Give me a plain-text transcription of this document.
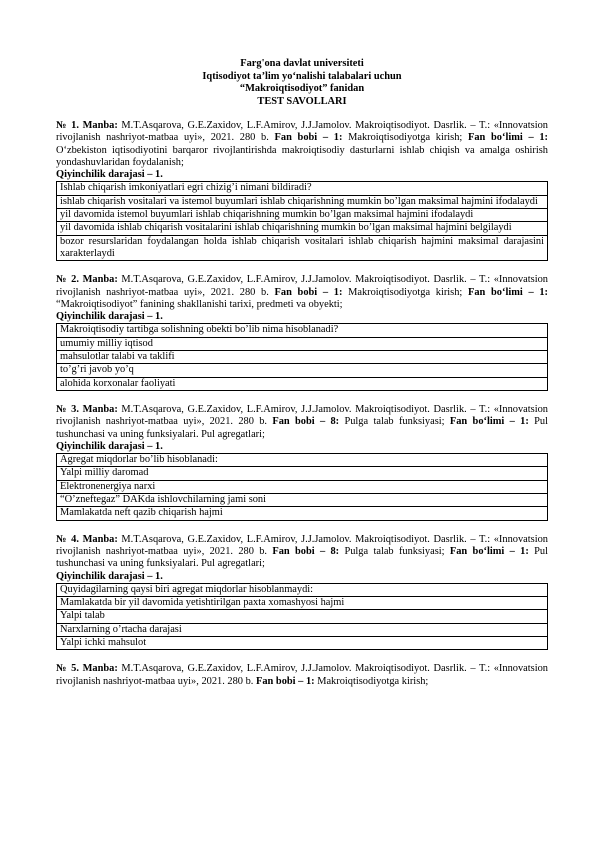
Farg'ona davlat universiteti
Iqtisodiyot ta’lim yo‘nalishi talabalari uchun
“Makroiqtisodiyot” fanidan
TEST SAVOLLARI
№ 1. Manba: M.T.Asqarova, G.E.Zaxidov, L.F.Amirov, J.J.Jamolov. Makroiqtisodiyot. Dasrlik. – T.: «Innovatsion rivojlanish nashriyot-matbaa uyi», 2021. 280 b. Fan bobi – 1: Makroiqtisodiyotga kirish; Fan bo‘limi – 1: O‘zbekiston iqtisodiyotini barqaror rivojlantirishda makroiqtisodiy dasturlarni ishlab chiqish va amalga oshirish yondashuvlaridan foydalanish;
Qiyinchilik darajasi – 1.
Ishlab chiqarish imkoniyatlari egri chizig’i nimani bildiradi?
ishlab chiqarish vositalari va istemol buyumlari ishlab chiqarishning mumkin bo’lgan maksimal hajmini ifodalaydi
yil davomida istemol buyumlari ishlab chiqarishning mumkin bo’lgan maksimal hajmini ifodalaydi
yil davomida ishlab chiqarish vositalarini ishlab chiqarishning mumkin bo’lgan maksimal hajmini belgilaydi
bozor resurslaridan foydalangan holda ishlab chiqarish vositalari ishlab chiqarish hajmini maksimal darajasini xarakterlaydi
№ 2. Manba: M.T.Asqarova, G.E.Zaxidov, L.F.Amirov, J.J.Jamolov. Makroiqtisodiyot. Dasrlik. – T.: «Innovatsion rivojlanish nashriyot-matbaa uyi», 2021. 280 b. Fan bobi – 1: Makroiqtisodiyotga kirish; Fan bo‘limi – 1: “Makroiqtisodiyot” fanining shakllanishi tarixi, predmeti va obyekti;
Qiyinchilik darajasi – 1.
Makroiqtisodiy tartibga solishning obekti bo’lib nima hisoblanadi?
umumiy milliy iqtisod
mahsulotlar talabi va taklifi
to’g’ri javob yo’q
alohida korxonalar faoliyati
№ 3. Manba: M.T.Asqarova, G.E.Zaxidov, L.F.Amirov, J.J.Jamolov. Makroiqtisodiyot. Dasrlik. – T.: «Innovatsion rivojlanish nashriyot-matbaa uyi», 2021. 280 b. Fan bobi – 8: Pulga talab funksiyasi; Fan bo‘limi – 1: Pul tushunchasi va uning funksiyalari. Pul agregatlari;
Qiyinchilik darajasi – 1.
Agregat miqdorlar bo’lib hisoblanadi:
Yalpi milliy daromad
Elektronenergiya narxi
“O’zneftegaz” DAKda ishlovchilarning jami soni
Mamlakatda neft qazib chiqarish hajmi
№ 4. Manba: M.T.Asqarova, G.E.Zaxidov, L.F.Amirov, J.J.Jamolov. Makroiqtisodiyot. Dasrlik. – T.: «Innovatsion rivojlanish nashriyot-matbaa uyi», 2021. 280 b. Fan bobi – 8: Pulga talab funksiyasi; Fan bo‘limi – 1: Pul tushunchasi va uning funksiyalari. Pul agregatlari;
Qiyinchilik darajasi – 1.
Quyidagilarning qaysi biri agregat miqdorlar hisoblanmaydi:
Mamlakatda bir yil davomida yetishtirilgan paxta xomashyosi hajmi
Yalpi talab
Narxlarning o’rtacha darajasi
Yalpi ichki mahsulot
№ 5. Manba: M.T.Asqarova, G.E.Zaxidov, L.F.Amirov, J.J.Jamolov. Makroiqtisodiyot. Dasrlik. – T.: «Innovatsion rivojlanish nashriyot-matbaa uyi», 2021. 280 b. Fan bobi – 1: Makroiqtisodiyotga kirish;
